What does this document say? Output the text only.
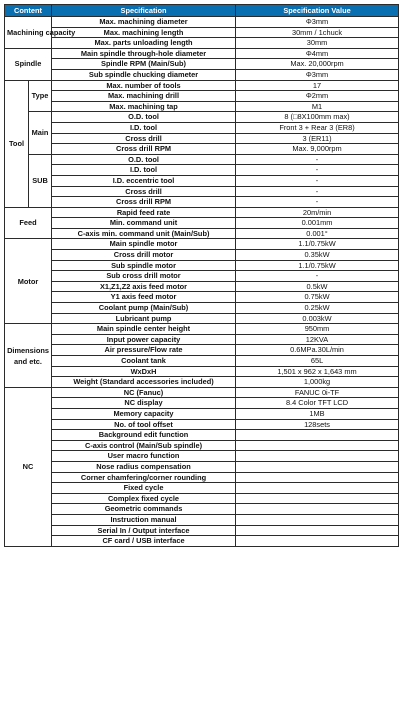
Content		Specification	Specification Value
Machining capacity		Max. machining diameter	Φ3mm
		Max. machining length	30mm / 1chuck
		Max. parts unloading length	30mm
Spindle		Main spindle through-hole diameter	Φ4mm
		Spindle RPM (Main/Sub)	Max. 20,000rpm
		Sub spindle chucking diameter	Φ3mm
Tool	Type	Max. number of tools	17
		Max. machining drill	Φ2mm
		Max. machining tap	M1
	Main	O.D. tool	8 (□8X100mm max)
		I.D. tool	Front 3 + Rear 3 (ER8)
		Cross drill	3 (ER11)
		Cross drill RPM	Max. 9,000rpm
	SUB	O.D. tool	-
		I.D. tool	-
		I.D. eccentric tool	-
		Cross drill	-
		Cross drill RPM	-
Feed		Rapid feed rate	20m/min
		Min. command unit	0.001mm
		C-axis min. command unit (Main/Sub)	0.001°
Motor		Main spindle motor	1.1/0.75kW
		Cross drill motor	0.35kW
		Sub spindle motor	1.1/0.75kW
		Sub cross drill motor	-
		X1,Z1,Z2 axis feed motor	0.5kW
		Y1 axis feed motor	0.75kW
		Coolant pump (Main/Sub)	0.25kW
		Lubricant pump	0.003kW
Dimensions and etc.		Main spindle center height	950mm
		Input power capacity	12KVA
		Air pressure/Flow rate	0.6MPa.30L/min
		Coolant tank	65L
		WxDxH	1,501 x 962 x 1,643 mm
		Weight (Standard accessories included)	1,000kg
NC		NC (Fanuc)	FANUC 0i-TF
		NC display	8.4 Color TFT LCD
		Memory capacity	1MB
		No. of tool offset	128sets
		Background edit function	
		C-axis control (Main/Sub spindle)	
		User macro function	
		Nose radius compensation	
		Corner chamfering/corner rounding	
		Fixed cycle	
		Complex fixed cycle	
		Geometric commands	
		Instruction manual	
		Serial In / Output interface	
		CF card / USB interface	
